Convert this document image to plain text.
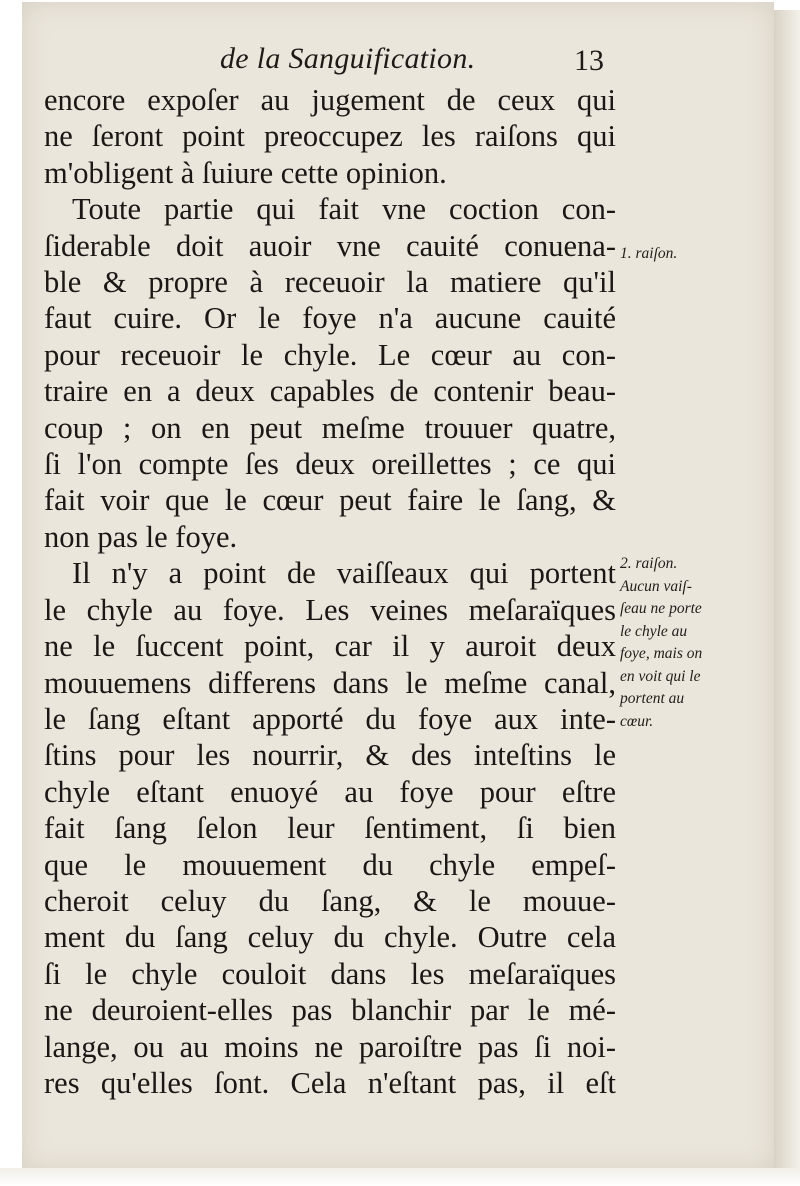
de la Sanguification.	13
encore expoſer au jugement de ceux qui
ne ſeront point preoccupez les raiſons qui
m'obligent à ſuiure cette opinion.
Toute partie qui fait vne coction con-
ſiderable doit auoir vne cauité conuena-
ble & propre à receuoir la matiere qu'il
faut cuire. Or le foye n'a aucune cauité
pour receuoir le chyle. Le cœur au con-
traire en a deux capables de contenir beau-
coup ; on en peut meſme trouuer quatre,
ſi l'on compte ſes deux oreillettes ; ce qui
fait voir que le cœur peut faire le ſang, &
non pas le foye.
Il n'y a point de vaiſſeaux qui portent
le chyle au foye. Les veines meſaraïques
ne le ſuccent point, car il y auroit deux
mouuemens differens dans le meſme canal,
le ſang eſtant apporté du foye aux inte-
ſtins pour les nourrir, & des inteſtins le
chyle eſtant enuoyé au foye pour eſtre
fait ſang ſelon leur ſentiment, ſi bien
que le mouuement du chyle empeſ-
cheroit celuy du ſang, & le mouue-
ment du ſang celuy du chyle. Outre cela
ſi le chyle couloit dans les meſaraïques
ne deuroient-elles pas blanchir par le mé-
lange, ou au moins ne paroiſtre pas ſi noi-
res qu'elles ſont. Cela n'eſtant pas, il eſt
1. raiſon.
2. raiſon.
Aucun vaiſ-
ſeau ne porte
le chyle au
foye, mais on
en voit qui le
portent au
cœur.
